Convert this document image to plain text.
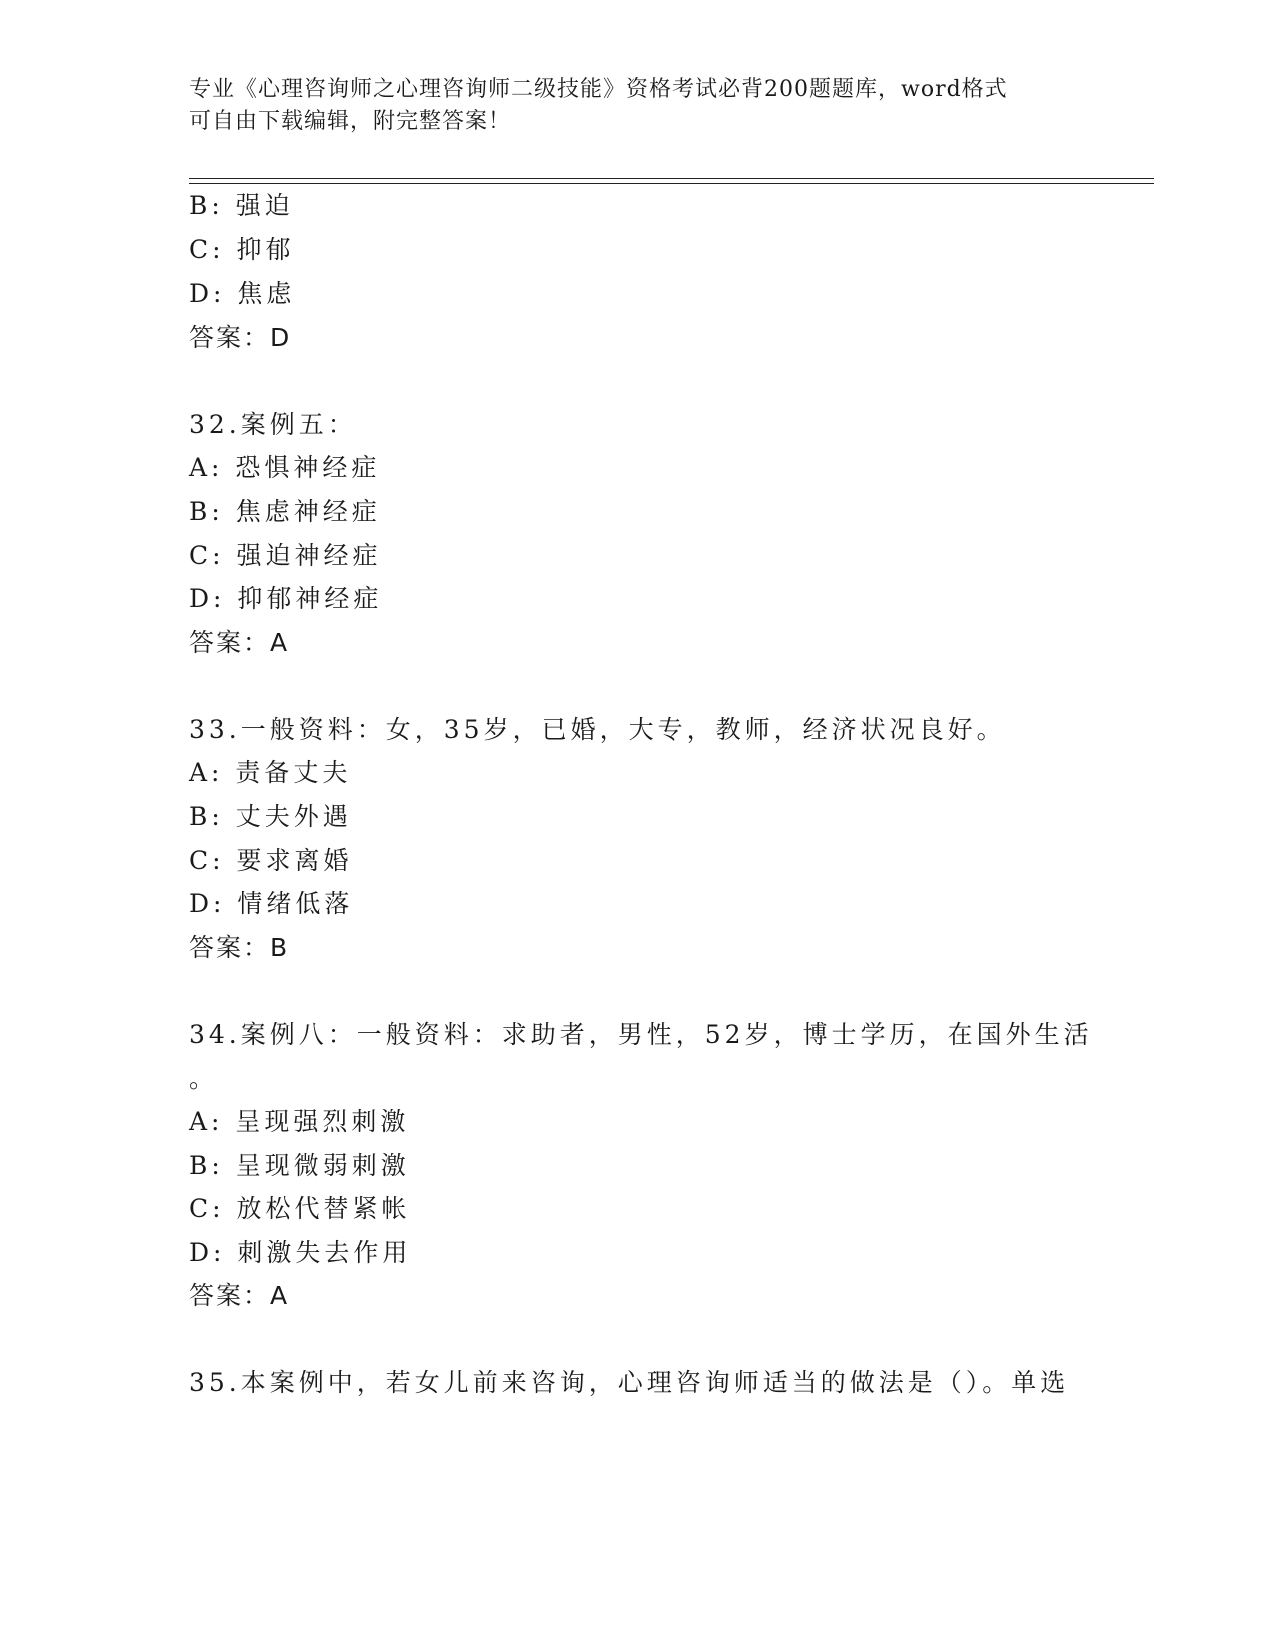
专业《心理咨询师之心理咨询师二级技能》资格考试必背200题题库，word格式
可自由下载编辑，附完整答案！
B: 强迫
C: 抑郁
D: 焦虑
答案：D
32.案例五：
A: 恐惧神经症
B: 焦虑神经症
C: 强迫神经症
D: 抑郁神经症
答案：A
33.一般资料：女，35岁，已婚，大专，教师，经济状况良好。
A: 责备丈夫
B: 丈夫外遇
C: 要求离婚
D: 情绪低落
答案：B
34.案例八：一般资料：求助者，男性，52岁，博士学历，在国外生活
。
A: 呈现强烈刺激
B: 呈现微弱刺激
C: 放松代替紧帐
D: 刺激失去作用
答案：A
35.本案例中，若女儿前来咨询，心理咨询师适当的做法是（）。单选
